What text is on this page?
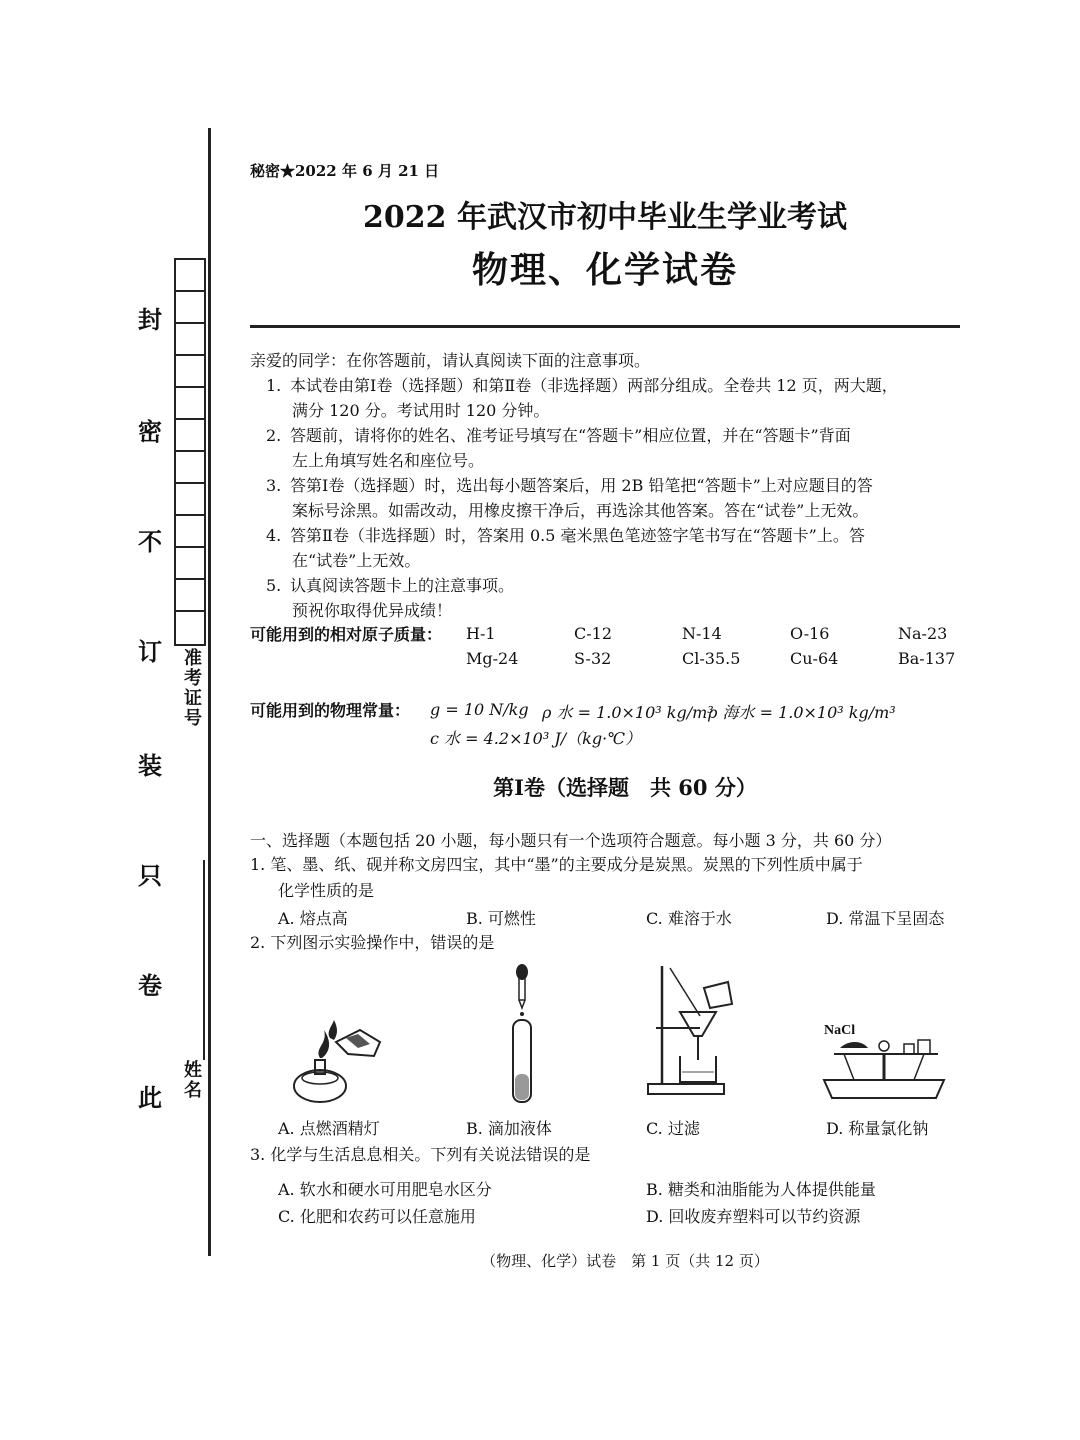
封
密
不
订
装
只
卷
此
准考证号
姓名
秘密★2022 年 6 月 21 日
2022 年武汉市初中毕业生学业考试
物理、化学试卷
亲爱的同学：在你答题前，请认真阅读下面的注意事项。
1. 本试卷由第Ⅰ卷（选择题）和第Ⅱ卷（非选择题）两部分组成。全卷共 12 页，两大题，
满分 120 分。考试用时 120 分钟。
2. 答题前，请将你的姓名、准考证号填写在“答题卡”相应位置，并在“答题卡”背面
左上角填写姓名和座位号。
3. 答第Ⅰ卷（选择题）时，选出每小题答案后，用 2B 铅笔把“答题卡”上对应题目的答
案标号涂黑。如需改动，用橡皮擦干净后，再选涂其他答案。答在“试卷”上无效。
4. 答第Ⅱ卷（非选择题）时，答案用 0.5 毫米黑色笔迹签字笔书写在“答题卡”上。答
在“试卷”上无效。
5. 认真阅读答题卡上的注意事项。
预祝你取得优异成绩！
可能用到的相对原子质量： H-1	C-12	N-14	O-16	Na-23
Mg-24	S-32	Cl-35.5	Cu-64	Ba-137
可能用到的物理常量： g = 10 N/kg ρ 水 = 1.0×10³ kg/m³
ρ 海水 = 1.0×10³ kg/m³
c 水 = 4.2×10³ J/（kg·℃）
第Ⅰ卷（选择题　共 60 分）
一、选择题（本题包括 20 小题，每小题只有一个选项符合题意。每小题 3 分，共 60 分）
1. 笔、墨、纸、砚并称文房四宝，其中“墨”的主要成分是炭黑。炭黑的下列性质中属于
化学性质的是
A. 熔点高	B. 可燃性	C. 难溶于水	D. 常温下呈固态
2. 下列图示实验操作中，错误的是
NaCl
A. 点燃酒精灯	B. 滴加液体	C. 过滤	D. 称量氯化钠
3. 化学与生活息息相关。下列有关说法错误的是
A. 软水和硬水可用肥皂水区分	B. 糖类和油脂能为人体提供能量
C. 化肥和农药可以任意施用	D. 回收废弃塑料可以节约资源
（物理、化学）试卷　第 1 页（共 12 页）
